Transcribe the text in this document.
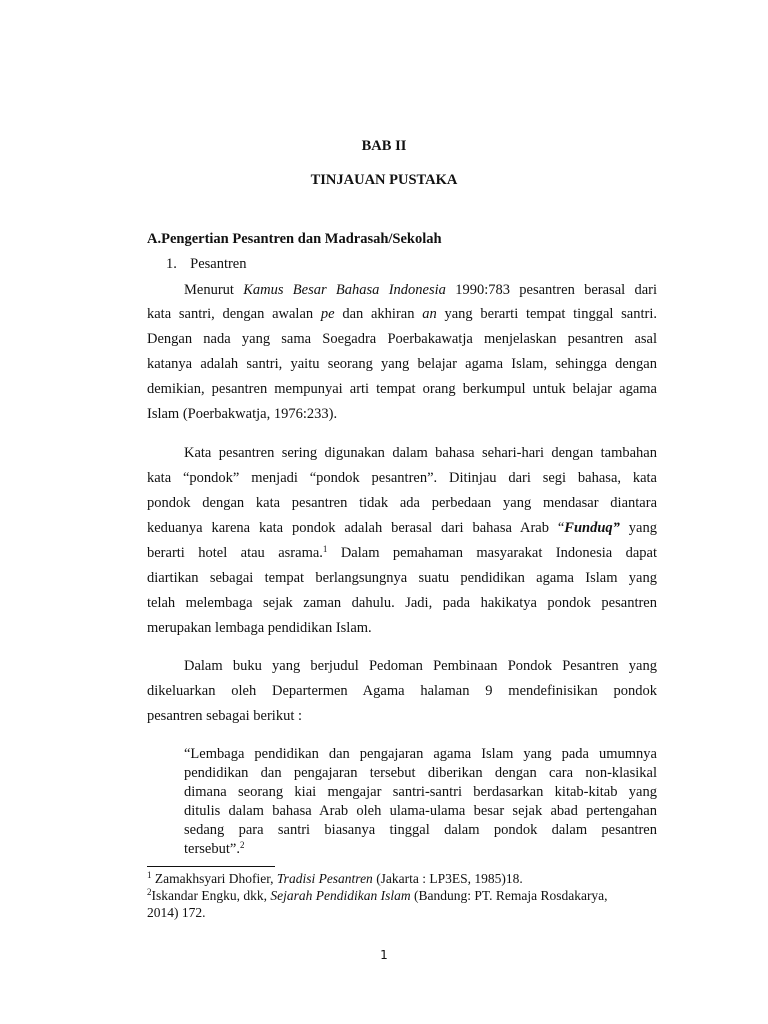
BAB II
TINJAUAN PUSTAKA
A.Pengertian Pesantren dan Madrasah/Sekolah
1. Pesantren
Menurut Kamus Besar Bahasa Indonesia 1990:783 pesantren berasal dari
kata santri, dengan awalan pe dan akhiran an yang berarti tempat tinggal santri.
Dengan nada yang sama Soegadra Poerbakawatja menjelaskan pesantren asal
katanya adalah santri, yaitu seorang yang belajar agama Islam, sehingga dengan
demikian, pesantren mempunyai arti tempat orang berkumpul untuk belajar agama
Islam (Poerbakwatja, 1976:233).
Kata pesantren sering digunakan dalam bahasa sehari-hari dengan tambahan
kata “pondok” menjadi “pondok pesantren”. Ditinjau dari segi bahasa, kata
pondok dengan kata pesantren tidak ada perbedaan yang mendasar diantara
keduanya karena kata pondok adalah berasal dari bahasa Arab “Funduq” yang
berarti hotel atau asrama.$^1$ Dalam pemahaman masyarakat Indonesia dapat
diartikan sebagai tempat berlangsungnya suatu pendidikan agama Islam yang
telah melembaga sejak zaman dahulu. Jadi, pada hakikatya pondok pesantren
merupakan lembaga pendidikan Islam.
Dalam buku yang berjudul Pedoman Pembinaan Pondok Pesantren yang
dikeluarkan oleh Departermen Agama halaman 9 mendefinisikan pondok
pesantren sebagai berikut :
“Lembaga pendidikan dan pengajaran agama Islam yang pada umumnya
pendidikan dan pengajaran tersebut diberikan dengan cara non-klasikal
dimana seorang kiai mengajar santri-santri berdasarkan kitab-kitab yang
ditulis dalam bahasa Arab oleh ulama-ulama besar sejak abad pertengahan
sedang para santri biasanya tinggal dalam pondok dalam pesantren
tersebut”.$^2$
$^1$ Zamakhsyari Dhofier, Tradisi Pesantren (Jakarta : LP3ES, 1985)18.
$^2$Iskandar Engku, dkk, Sejarah Pendidikan Islam (Bandung: PT. Remaja Rosdakarya,
2014) 172.
1
